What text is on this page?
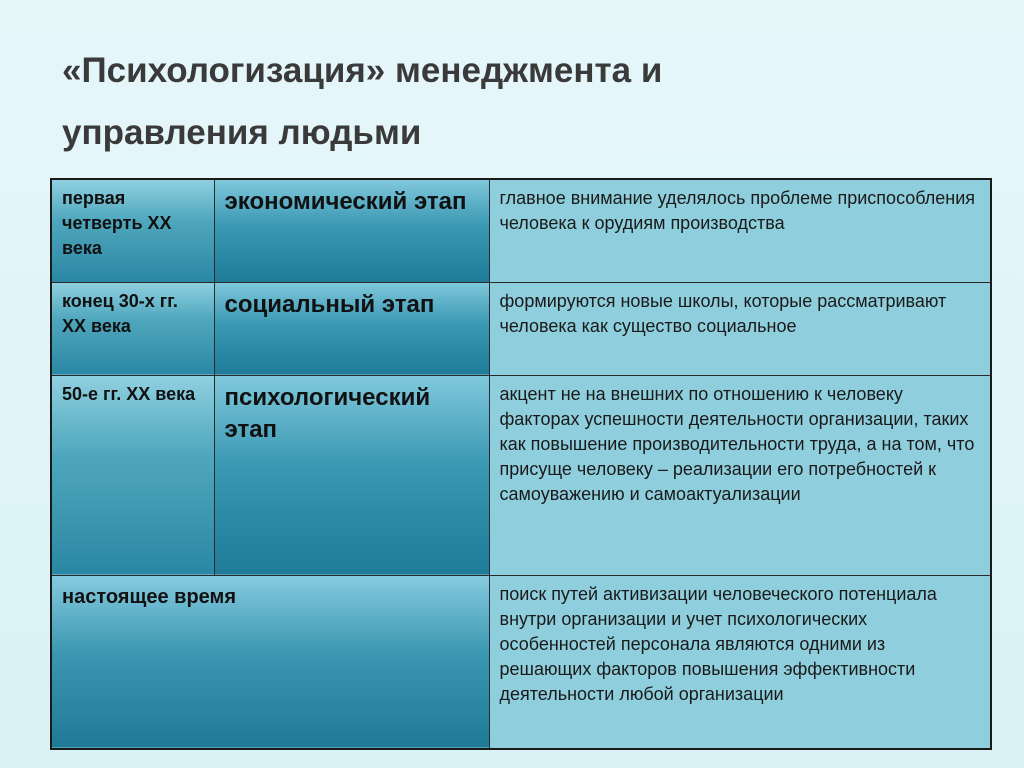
«Психологизация» менеджмента и
управления людьми
первая четверть XX века	экономический этап	главное внимание уделялось проблеме приспособления человека к орудиям производства
конец 30-х гг. XX века	социальный этап	формируются новые школы, которые рассматривают человека как существо социальное
50-е гг. XX века	психологический этап	акцент не на внешних по отношению к человеку факторах успешности деятельности организации, таких как повышение производительности труда, а на том, что присуще человеку – реализации его потребностей к самоуважению и самоактуализации
настоящее время		поиск путей активизации человеческого потенциала внутри организации и учет психологических особенностей персонала являются одними из решающих факторов повышения эффективности деятельности любой организации
